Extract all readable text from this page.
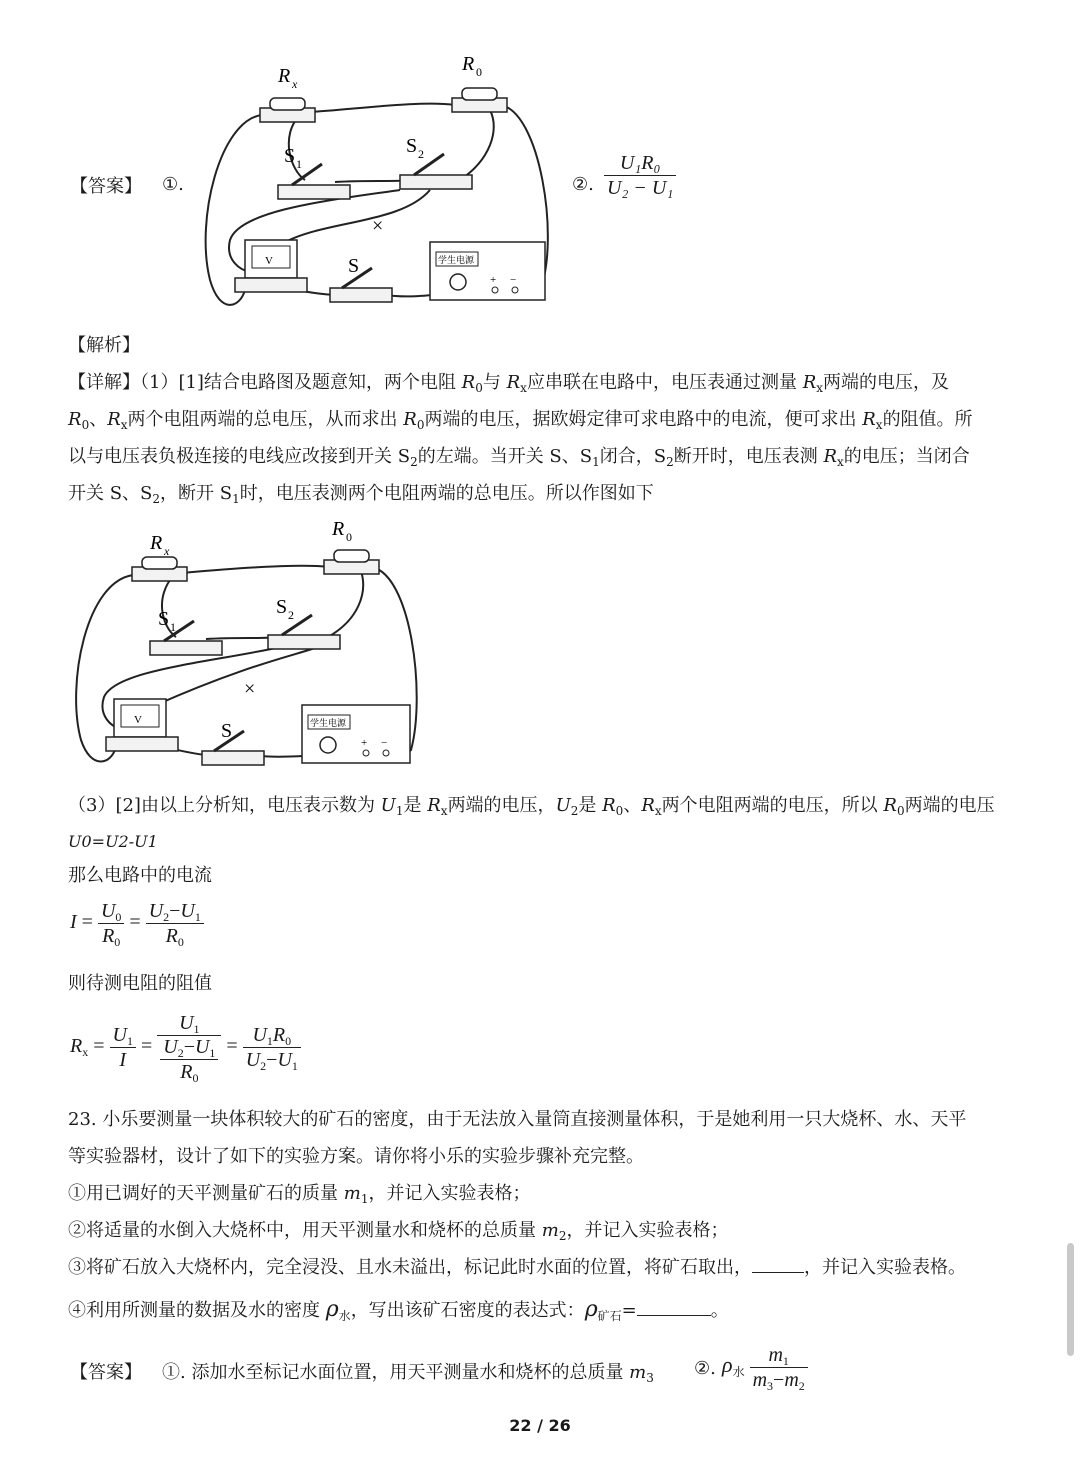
【答案】 ①.
R x
R 0
S 1
S 2
×
V	S	学生电源
+ −
②. $\frac{\text{U₁R₀}}{\text{U₂ − U₁}}$
【解析】
【详解】（1）[1]结合电路图及题意知，两个电阻 $R_0$与 $R_x$应串联在电路中，电压表通过测量 $R_x$两端的电压，及
$R_0$、$R_x$两个电阻两端的总电压，从而求出 $R_0$两端的电压，据欧姆定律可求电路中的电流，便可求出 $R_x$的阻值。所
以与电压表负极连接的电线应改接到开关 $S_2$的左端。当开关 S、$S_1$闭合，$S_2$断开时，电压表测 $R_x$的电压；当闭合
开关 S、$S_2$，断开 $S_1$时，电压表测两个电阻两端的总电压。所以作图如下
R x
R 0
S 1
S 2
×
V	S	学生电源
+ −
（3）[2]由以上分析知，电压表示数为 $U_1$是 $R_x$两端的电压，$U_2$是 $R_0$、$R_x$两个电阻两端的电压，所以 $R_0$两端的电压
U0=U2-U1
那么电路中的电流
$I = \frac{U_0}{R_0} = \frac{U_2-U_1}{R_0}$
则待测电阻的阻值
$R_x = \frac{U_1}{I} = \frac{U_1}{\frac{U_2-U_1}{R_0}} = \frac{U_1R_0}{U_2-U_1}$
23. 小乐要测量一块体积较大的矿石的密度，由于无法放入量筒直接测量体积，于是她利用一只大烧杯、水、天平
等实验器材，设计了如下的实验方案。请你将小乐的实验步骤补充完整。
①用已调好的天平测量矿石的质量 $m_1$，并记入实验表格；
②将适量的水倒入大烧杯中，用天平测量水和烧杯的总质量 $m_2$，并记入实验表格；
③将矿石放入大烧杯内，完全浸没、且水未溢出，标记此时水面的位置，将矿石取出，	，并记入实验表格。
④利用所测量的数据及水的密度 $\rho_水$，写出该矿石密度的表达式：$\rho_{矿石}=$	。
【答案】 ①. 添加水至标记水面位置，用天平测量水和烧杯的总质量 $m_3$ ②. $\rho_水 \frac{m_1}{m_3-m_2}$
22 / 26
